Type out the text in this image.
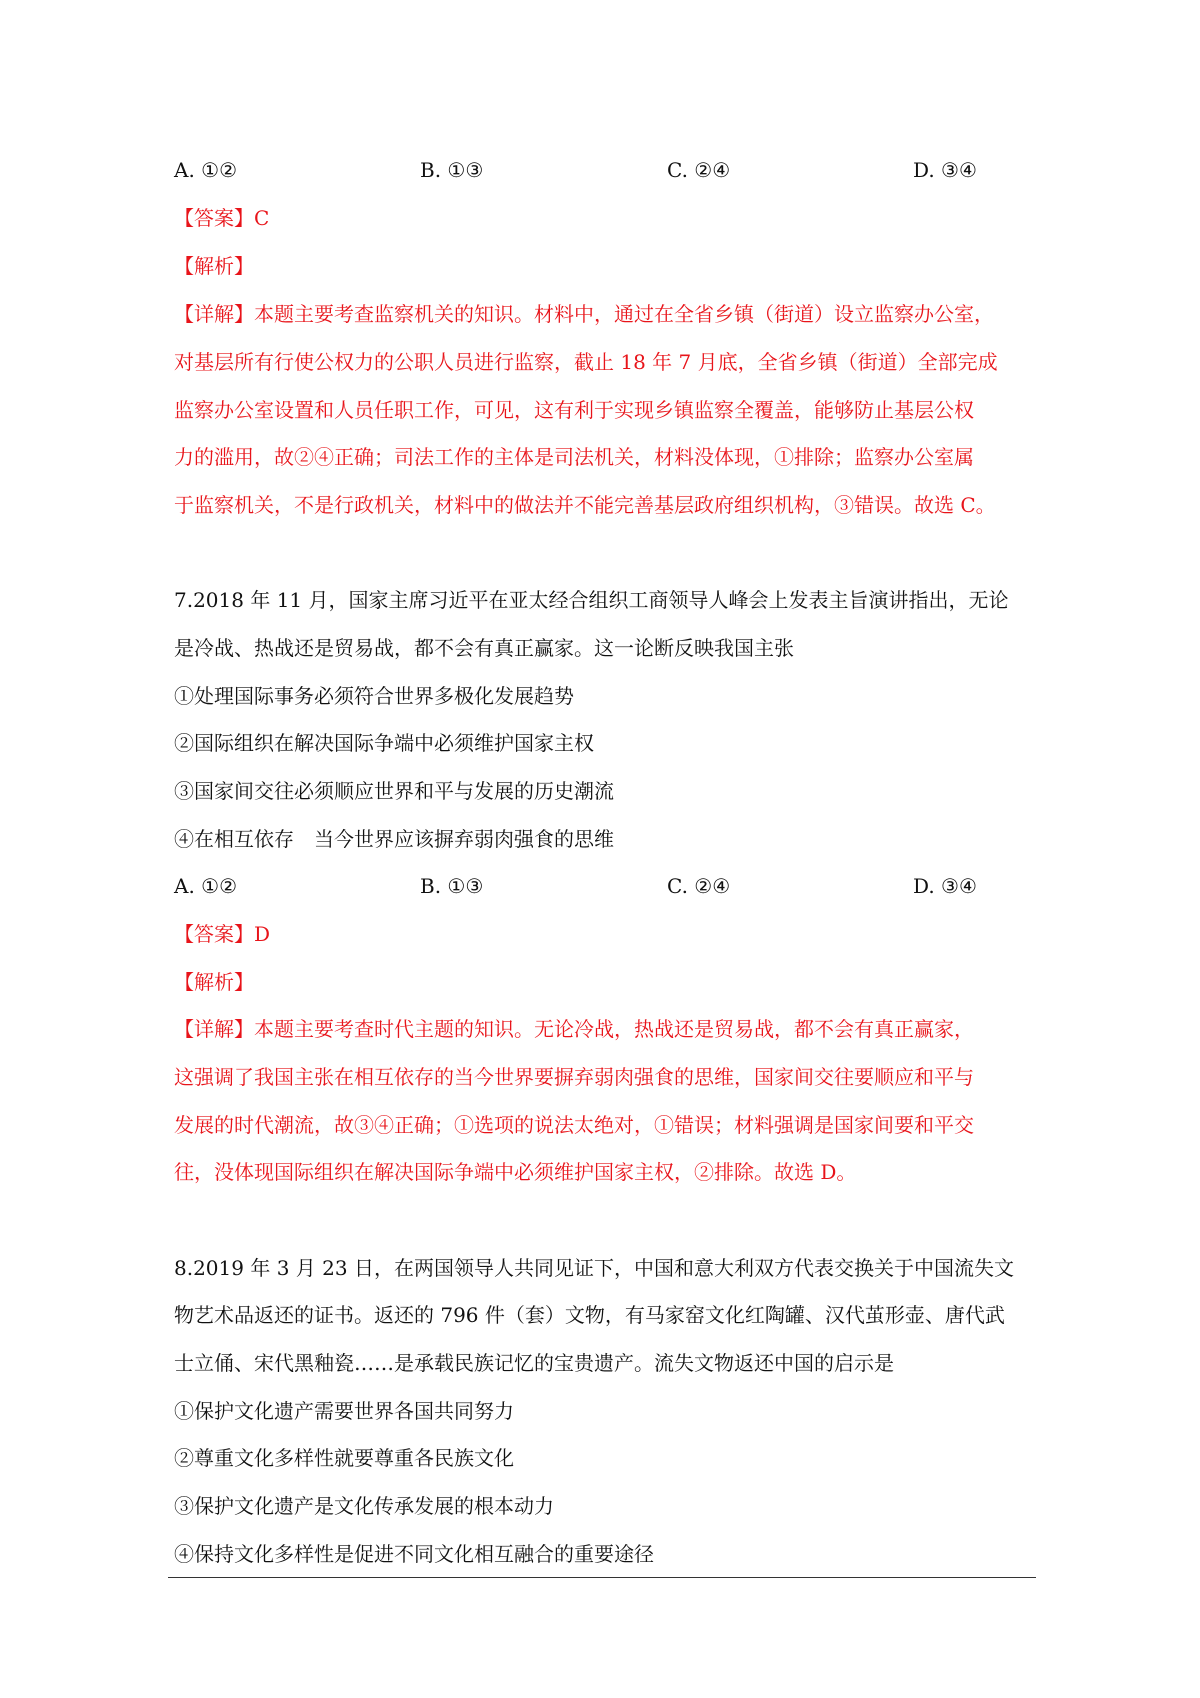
A. ①②	B. ①③	C. ②④	D. ③④
【答案】C
【解析】
【详解】本题主要考查监察机关的知识。材料中，通过在全省乡镇（街道）设立监察办公室，
对基层所有行使公权力的公职人员进行监察，截止 18 年 7 月底，全省乡镇（街道）全部完成
监察办公室设置和人员任职工作，可见，这有利于实现乡镇监察全覆盖，能够防止基层公权
力的滥用，故②④正确；司法工作的主体是司法机关，材料没体现，①排除；监察办公室属
于监察机关，不是行政机关，材料中的做法并不能完善基层政府组织机构，③错误。故选 C。
7.2018 年 11 月，国家主席习近平在亚太经合组织工商领导人峰会上发表主旨演讲指出，无论
是冷战、热战还是贸易战，都不会有真正赢家。这一论断反映我国主张
①处理国际事务必须符合世界多极化发展趋势
②国际组织在解决国际争端中必须维护国家主权
③国家间交往必须顺应世界和平与发展的历史潮流
④在相互依存　当今世界应该摒弃弱肉强食的思维
A. ①②	B. ①③	C. ②④	D. ③④
【答案】D
【解析】
【详解】本题主要考查时代主题的知识。无论冷战，热战还是贸易战，都不会有真正赢家，
这强调了我国主张在相互依存的当今世界要摒弃弱肉强食的思维，国家间交往要顺应和平与
发展的时代潮流，故③④正确；①选项的说法太绝对，①错误；材料强调是国家间要和平交
往，没体现国际组织在解决国际争端中必须维护国家主权，②排除。故选 D。
8.2019 年 3 月 23 日，在两国领导人共同见证下，中国和意大利双方代表交换关于中国流失文
物艺术品返还的证书。返还的 796 件（套）文物，有马家窑文化红陶罐、汉代茧形壶、唐代武
士立俑、宋代黑釉瓷……是承载民族记忆的宝贵遗产。流失文物返还中国的启示是
①保护文化遗产需要世界各国共同努力
②尊重文化多样性就要尊重各民族文化
③保护文化遗产是文化传承发展的根本动力
④保持文化多样性是促进不同文化相互融合的重要途径
